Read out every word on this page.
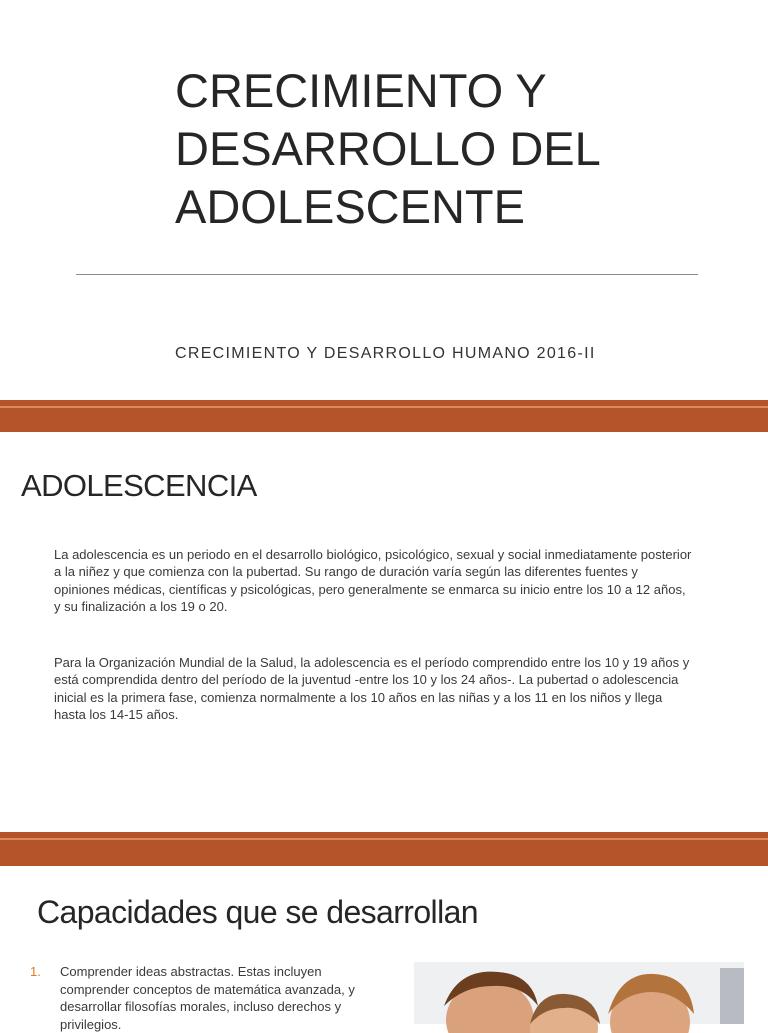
CRECIMIENTO Y
DESARROLLO DEL
ADOLESCENTE

CRECIMIENTO Y DESARROLLO HUMANO 2016-II

ADOLESCENCIA

La adolescencia es un periodo en el desarrollo biológico, psicológico, sexual y social inmediatamente posterior a la niñez y que comienza con la pubertad. Su rango de duración varía según las diferentes fuentes y opiniones médicas, científicas y psicológicas, pero generalmente se enmarca su inicio entre los 10 a 12 años, y su finalización a los 19 o 20.

Para la Organización Mundial de la Salud, la adolescencia es el período comprendido entre los 10 y 19 años y está comprendida dentro del período de la juventud -entre los 10 y los 24 años-. La pubertad o adolescencia inicial es la primera fase, comienza normalmente a los 10 años en las niñas y a los 11 en los niños y llega hasta los 14-15 años.

Capacidades que se desarrollan
1.	Comprender ideas abstractas. Estas incluyen comprender conceptos de matemática avanzada, y desarrollar filosofías morales, incluso derechos y privilegios.
